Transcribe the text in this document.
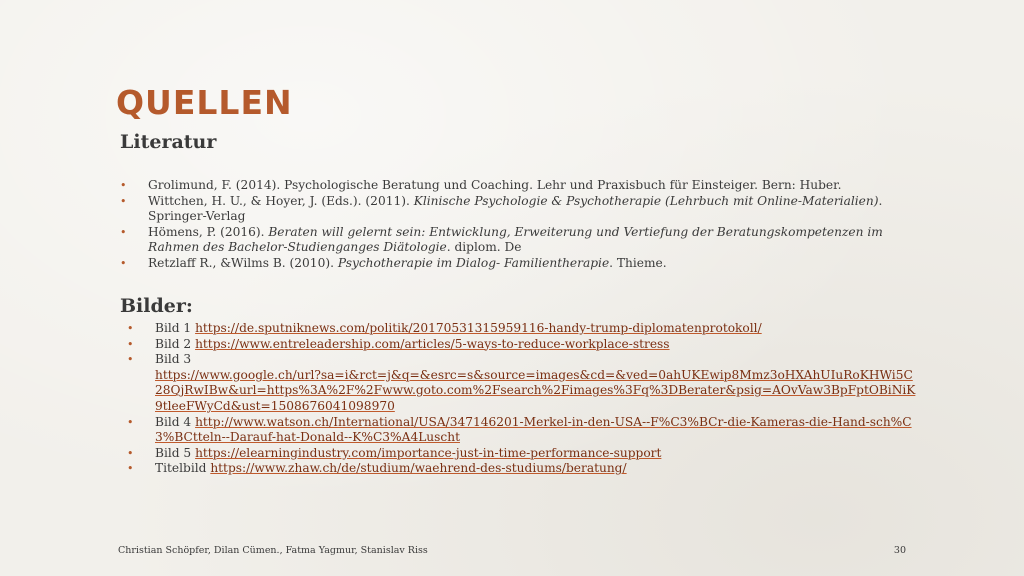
QUELLEN
Literatur
• Grolimund, F. (2014). Psychologische Beratung und Coaching. Lehr und Praxisbuch für Einsteiger. Bern: Huber.
• Wittchen, H. U., & Hoyer, J. (Eds.). (2011). Klinische Psychologie & Psychotherapie (Lehrbuch mit Online-Materialien). Springer-Verlag
• Hömens, P. (2016). Beraten will gelernt sein: Entwicklung, Erweiterung und Vertiefung der Beratungskompetenzen im Rahmen des Bachelor-Studienganges Diätologie. diplom. De
• Retzlaff R., &Wilms B. (2010). Psychotherapie im Dialog- Familientherapie. Thieme.
Bilder:
• Bild 1 https://de.sputniknews.com/politik/20170531315959116-handy-trump-diplomatenprotokoll/
• Bild 2 https://www.entreleadership.com/articles/5-ways-to-reduce-workplace-stress
• Bild 3
https://www.google.ch/url?sa=i&rct=j&q=&esrc=s&source=images&cd=&ved=0ahUKEwip8Mmz3oHXAhUIuRoKHWi5C28QjRwIBw&url=https%3A%2F%2Fwww.goto.com%2Fsearch%2Fimages%3Fq%3DBerater&psig=AOvVaw3BpFptOBiNiK9tleeFWyCd&ust=1508676041098970
• Bild 4 http://www.watson.ch/International/USA/347146201-Merkel-in-den-USA--F%C3%BCr-die-Kameras-die-Hand-sch%C3%BCtteln--Darauf-hat-Donald--K%C3%A4Luscht
• Bild 5 https://elearningindustry.com/importance-just-in-time-performance-support
• Titelbild https://www.zhaw.ch/de/studium/waehrend-des-studiums/beratung/
Christian Schöpfer, Dilan Cümen., Fatma Yagmur, Stanislav Riss	30
